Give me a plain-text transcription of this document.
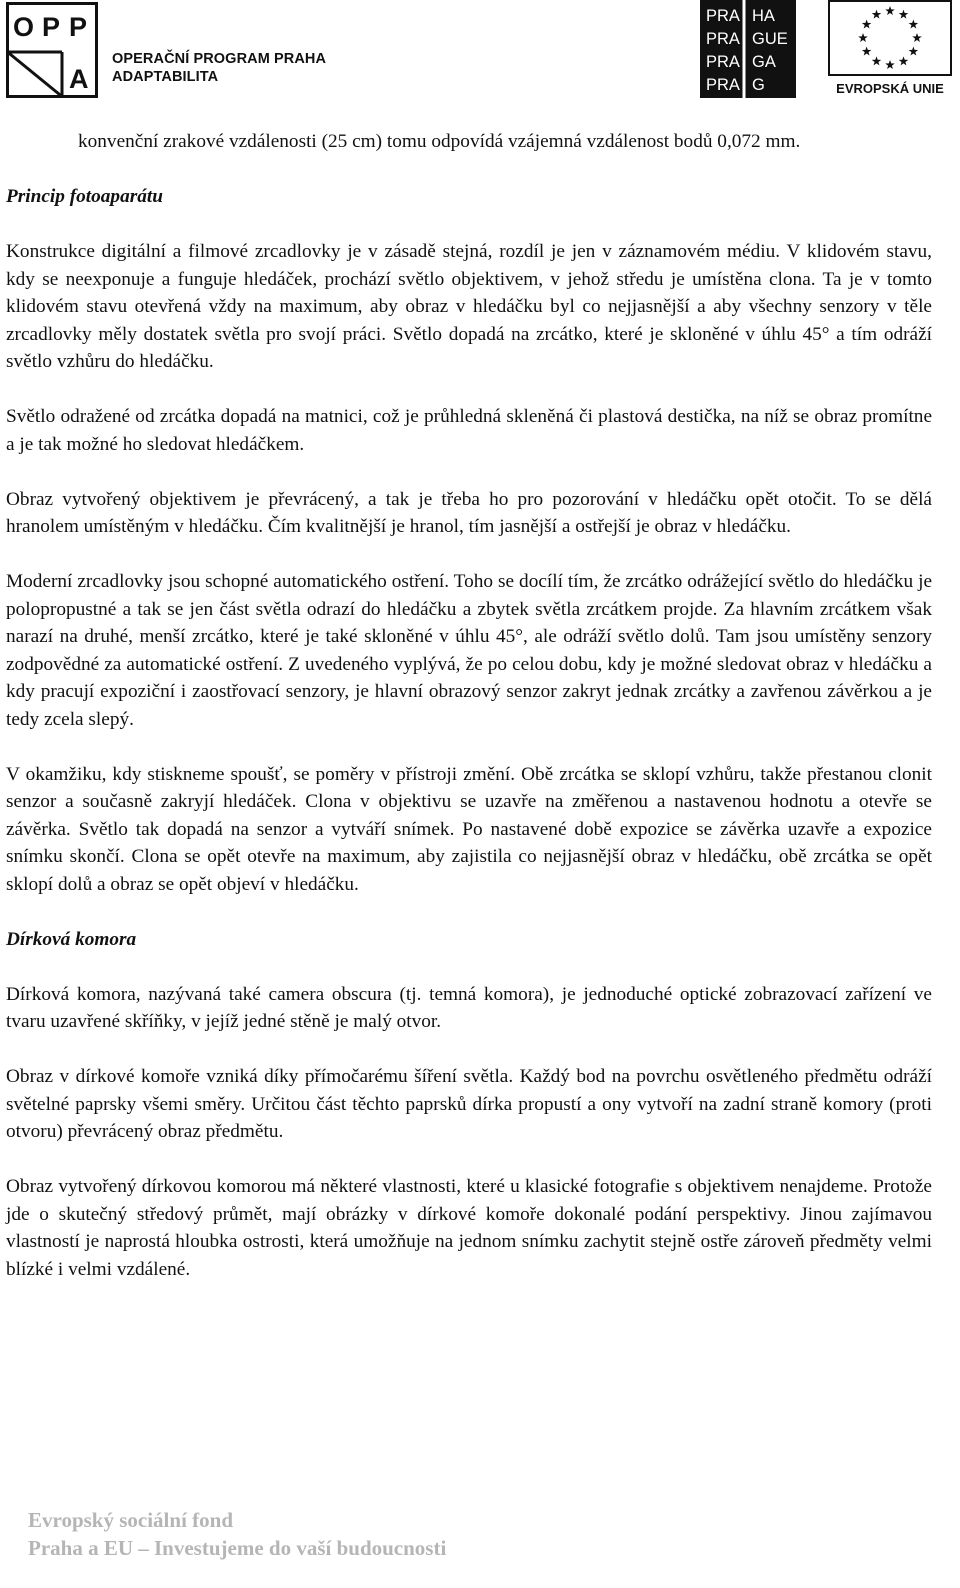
O P P
A
OPERAČNÍ PROGRAM PRAHA
ADAPTABILITA
PRA HA
PRA GUE
PRA GA
PRA G	EVROPSKÁ UNIE

konvenční zrakové vzdálenosti (25 cm) tomu odpovídá vzájemná vzdálenost bodů 0,072 mm.

Princip fotoaparátu

Konstrukce digitální a filmové zrcadlovky je v zásadě stejná, rozdíl je jen v záznamovém médiu. V klidovém stavu, kdy se neexponuje a funguje hledáček, prochází světlo objektivem, v jehož středu je umístěna clona. Ta je v tomto klidovém stavu otevřená vždy na maximum, aby obraz v hledáčku byl co nejjasnější a aby všechny senzory v těle zrcadlovky měly dostatek světla pro svojí práci. Světlo dopadá na zrcátko, které je skloněné v úhlu 45° a tím odráží světlo vzhůru do hledáčku.

Světlo odražené od zrcátka dopadá na matnici, což je průhledná skleněná či plastová destička, na níž se obraz promítne a je tak možné ho sledovat hledáčkem.

Obraz vytvořený objektivem je převrácený, a tak je třeba ho pro pozorování v hledáčku opět otočit. To se dělá hranolem umístěným v hledáčku. Čím kvalitnější je hranol, tím jasnější a ostřejší je obraz v hledáčku.

Moderní zrcadlovky jsou schopné automatického ostření. Toho se docílí tím, že zrcátko odrážející světlo do hledáčku je polopropustné a tak se jen část světla odrazí do hledáčku a zbytek světla zrcátkem projde. Za hlavním zrcátkem však narazí na druhé, menší zrcátko, které je také skloněné v úhlu 45°, ale odráží světlo dolů. Tam jsou umístěny senzory zodpovědné za automatické ostření. Z uvedeného vyplývá, že po celou dobu, kdy je možné sledovat obraz v hledáčku a kdy pracují expoziční i zaostřovací senzory, je hlavní obrazový senzor zakryt jednak zrcátky a zavřenou závěrkou a je tedy zcela slepý.

V okamžiku, kdy stiskneme spoušť, se poměry v přístroji změní. Obě zrcátka se sklopí vzhůru, takže přestanou clonit senzor a současně zakryjí hledáček. Clona v objektivu se uzavře na změřenou a nastavenou hodnotu a otevře se závěrka. Světlo tak dopadá na senzor a vytváří snímek. Po nastavené době expozice se závěrka uzavře a expozice snímku skončí. Clona se opět otevře na maximum, aby zajistila co nejjasnější obraz v hledáčku, obě zrcátka se opět sklopí dolů a obraz se opět objeví v hledáčku.

Dírková komora

Dírková komora, nazývaná také camera obscura (tj. temná komora), je jednoduché optické zobrazovací zařízení ve tvaru uzavřené skříňky, v jejíž jedné stěně je malý otvor.

Obraz v dírkové komoře vzniká díky přímočarému šíření světla. Každý bod na povrchu osvětleného předmětu odráží světelné paprsky všemi směry. Určitou část těchto paprsků dírka propustí a ony vytvoří na zadní straně komory (proti otvoru) převrácený obraz předmětu.

Obraz vytvořený dírkovou komorou má některé vlastnosti, které u klasické fotografie s objektivem nenajdeme. Protože jde o skutečný středový průmět, mají obrázky v dírkové komoře dokonalé podání perspektivy. Jinou zajímavou vlastností je naprostá hloubka ostrosti, která umožňuje na jednom snímku zachytit stejně ostře zároveň předměty velmi blízké i velmi vzdálené.

Evropský sociální fond
Praha a EU – Investujeme do vaší budoucnosti
